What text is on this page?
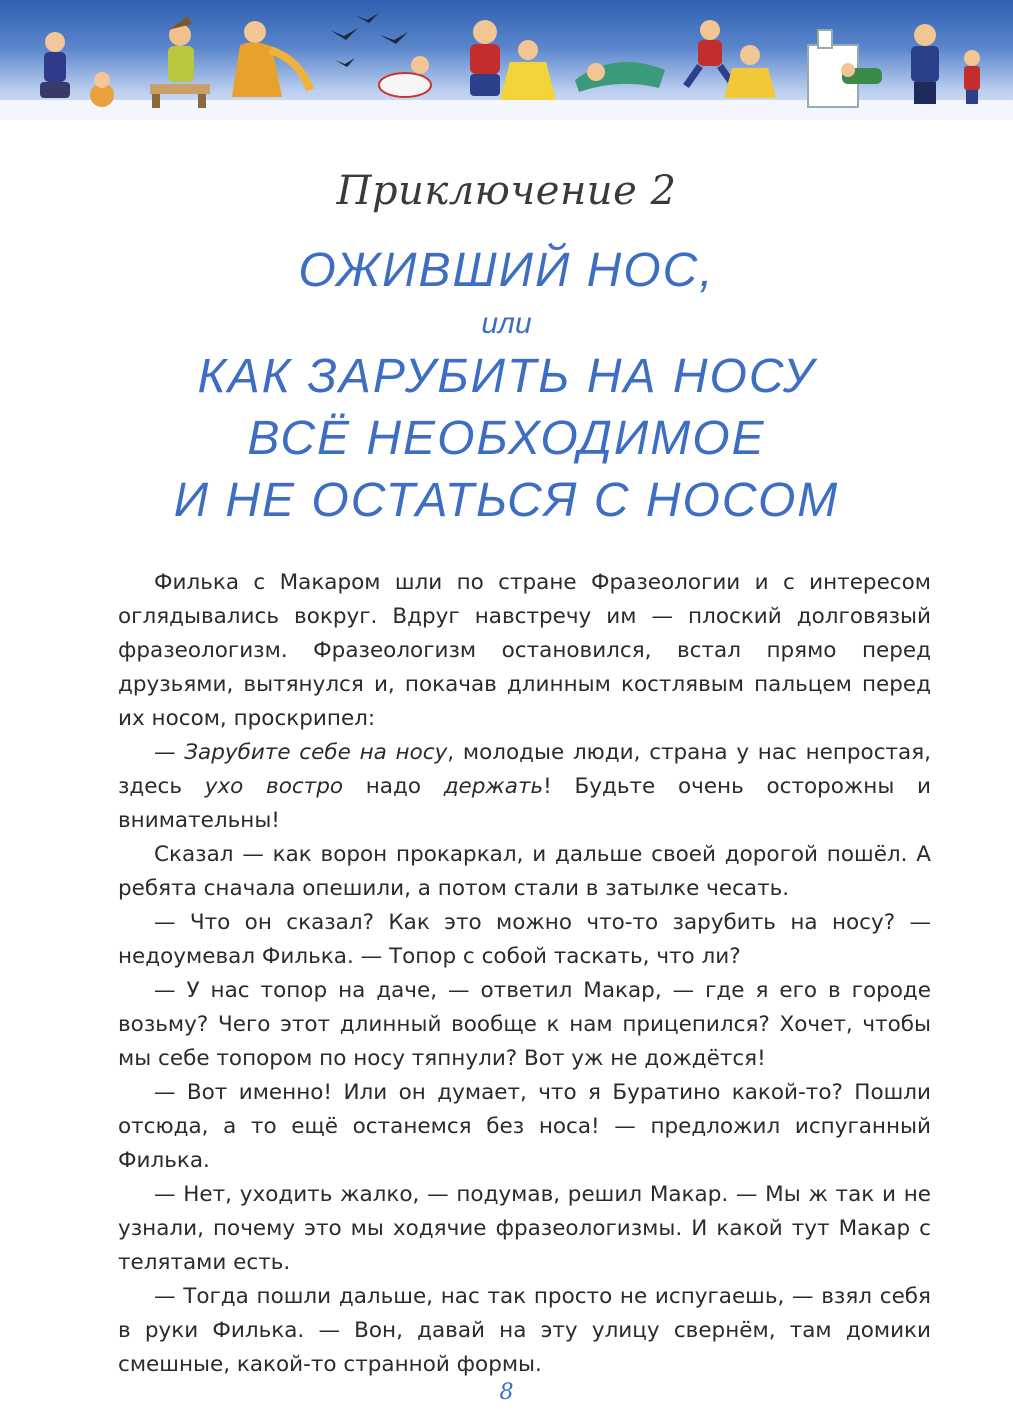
Приключение 2
ОЖИВШИЙ НОС,
или
КАК ЗАРУБИТЬ НА НОСУ
ВСЁ НЕОБХОДИМОЕ
И НЕ ОСТАТЬСЯ С НОСОМ

Филька с Макаром шли по стране Фразеологии и с интересом оглядывались вокруг. Вдруг навстречу им — плоский долговязый фразеологизм. Фразеологизм остановился, встал прямо перед друзьями, вытянулся и, покачав длинным костлявым пальцем перед их носом, проскрипел:

— Зарубите себе на носу, молодые люди, страна у нас непростая, здесь ухо востро надо держать! Будьте очень осторожны и внимательны!

Сказал — как ворон прокаркал, и дальше своей дорогой пошёл. А ребята сначала опешили, а потом стали в затылке чесать.

— Что он сказал? Как это можно что-то зарубить на носу? — недоумевал Филька. — Топор с собой таскать, что ли?

— У нас топор на даче, — ответил Макар, — где я его в городе возьму? Чего этот длинный вообще к нам прицепился? Хочет, чтобы мы себе топором по носу тяпнули? Вот уж не дождётся!

— Вот именно! Или он думает, что я Буратино какой-то? Пошли отсюда, а то ещё останемся без носа! — предложил испуганный Филька.

— Нет, уходить жалко, — подумав, решил Макар. — Мы ж так и не узнали, почему это мы ходячие фразеологизмы. И какой тут Макар с телятами есть.

— Тогда пошли дальше, нас так просто не испугаешь, — взял себя в руки Филька. — Вон, давай на эту улицу свернём, там домики смешные, какой-то странной формы.

8
